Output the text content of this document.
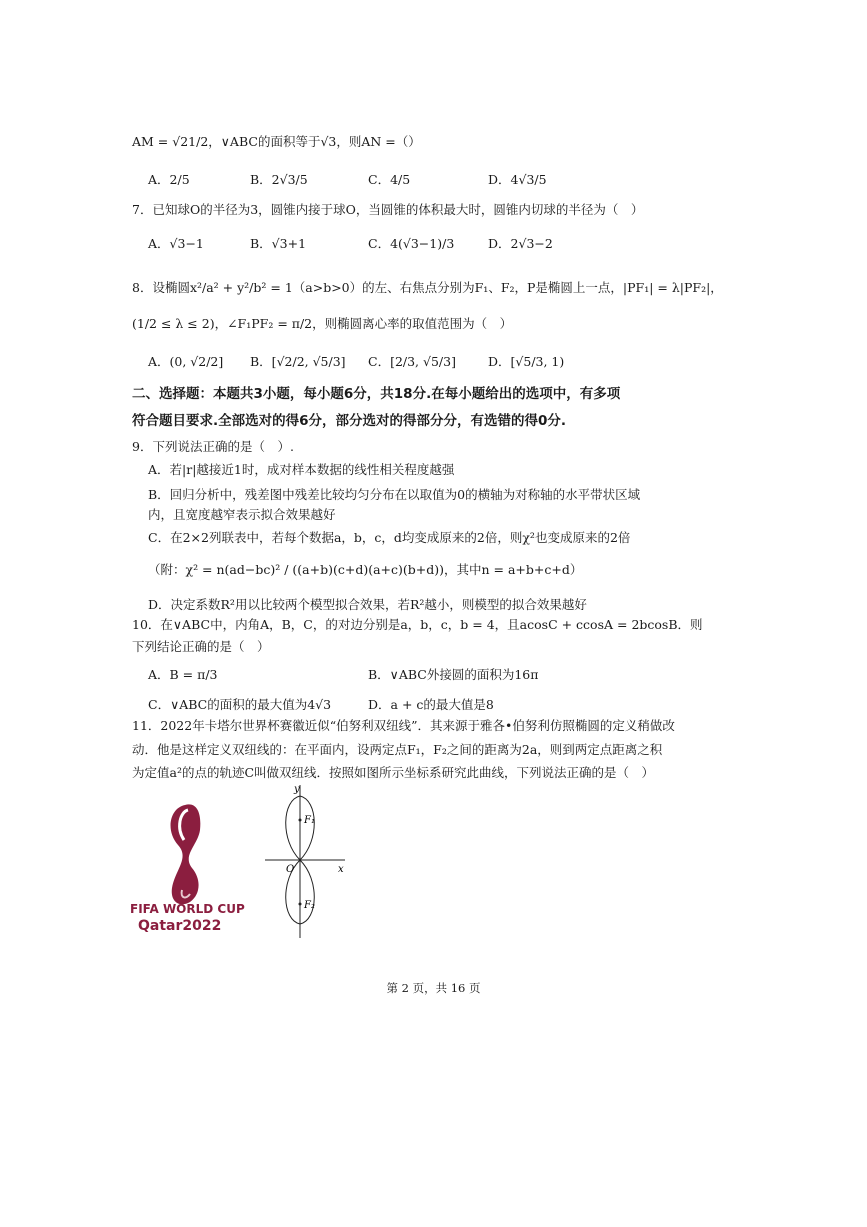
AM = √21/2，∨ABC的面积等于√3，则AN =（）
A．2/5	B．2√3/5	C．4/5	D．4√3/5
7．已知球O的半径为3，圆锥内接于球O，当圆锥的体积最大时，圆锥内切球的半径为（　）
A．√3−1	B．√3+1	C．4(√3−1)/3	D．2√3−2
8．设椭圆x²/a² + y²/b² = 1（a>b>0）的左、右焦点分别为F₁、F₂，P是椭圆上一点，|PF₁| = λ|PF₂|，
(1/2 ≤ λ ≤ 2)，∠F₁PF₂ = π/2，则椭圆离心率的取值范围为（　）
A．(0, √2/2] B．[√2/2, √5/3] C．[2/3, √5/3]	D．[√5/3, 1)
二、选择题：本题共3小题，每小题6分，共18分.在每小题给出的选项中，有多项
符合题目要求.全部选对的得6分，部分选对的得部分分，有选错的得0分.
9．下列说法正确的是（　）.
A．若|r|越接近1时，成对样本数据的线性相关程度越强
B．回归分析中，残差图中残差比较均匀分布在以取值为0的横轴为对称轴的水平带状区域
内，且宽度越窄表示拟合效果越好
C．在2×2列联表中，若每个数据a，b，c，d均变成原来的2倍，则χ²也变成原来的2倍
（附：χ² = n(ad−bc)² / ((a+b)(c+d)(a+c)(b+d))，其中n = a+b+c+d）
D．决定系数R²用以比较两个模型拟合效果，若R²越小，则模型的拟合效果越好
10．在∨ABC中，内角A，B，C，的对边分别是a，b，c，b = 4，且acosC + ccosA = 2bcosB．则
下列结论正确的是（　）
A．B = π/3	B．∨ABC外接圆的面积为16π
C．∨ABC的面积的最大值为4√3	D．a + c的最大值是8
11．2022年卡塔尔世界杯赛徽近似“伯努利双纽线”．其来源于雅各•伯努利仿照椭圆的定义稍做改
动．他是这样定义双纽线的：在平面内，设两定点F₁，F₂之间的距离为2a，则到两定点距离之积
为定值a²的点的轨迹C叫做双纽线．按照如图所示坐标系研究此曲线，下列说法正确的是（　）
FIFA WORLD CUP
Qatar2022
y
x
O
F₁
F₂
第 2 页，共 16 页
